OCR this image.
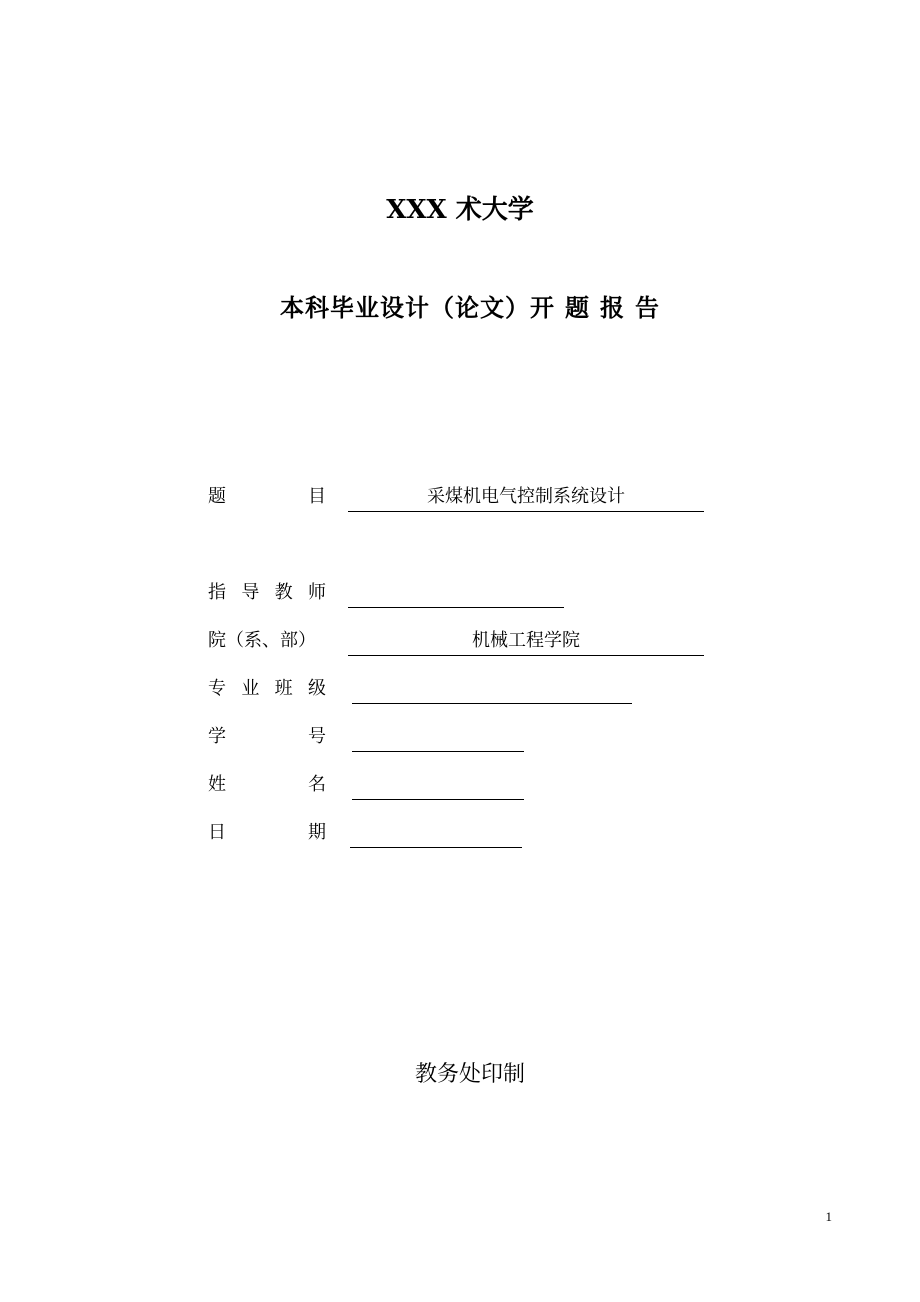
XXX 术大学
本科毕业设计（论文）开 题 报 告
题	目	采煤机电气控制系统设计
指 导 教 师
院（系、部）	机械工程学院
专 业 班 级
学	号
姓	名
日	期
教务处印制
1
